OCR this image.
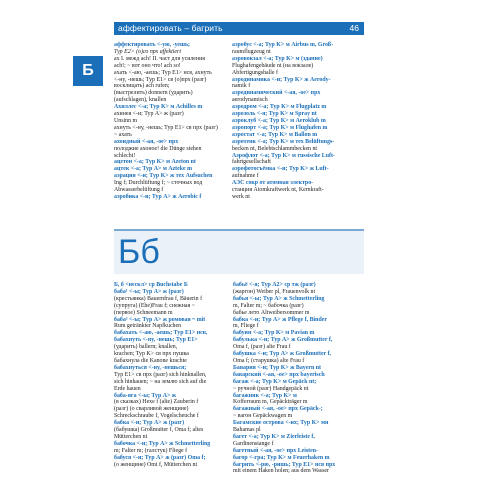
аффектировать – багрить	46
Б

аффектировать <-ую, -уешь;

Тур E2> (о)со прх affektiert

ах I. межд ach! II. част для усиления

ach!; ~ вот оно что! ach so!

ахать <-аю, -аешь; Тур E1> нсв, ахнуть

<-ну, -нешь; Тур E1> св (о)прх (разг)

восклицать) ach rufen;

(выстрелить) donnern (ударить)

(aufschlagen), knallen

Ахиллес <-а; Тур K> м Achilles m

ахинея <-и; Тур A> ж (разг)

Unsinn m

ахнуть <-ну, -нешь; Тур E1> св прх (разг)

~ ахать

ахоидный <-ая, -ое> прх

полоджие ахоное! die Dünge stehen

schlecht!

ацетон <-а; Тур K> м Azeton nt

ацтек <-а; Тур A> м Azteke m

аэрация <-и; Тур K> ж тех Aufsuchen

Ing f; Durchlüftung f; ~ сточных вод

Abwasserbelüftung f

аэробика <-и; Тур A> ж Aerobic f

аэробус <-а; Тур K> м Airbus m, Groß-

raumflugzeug nt

аэровокзал <-а; Тур K> м (здание)

Flughafengebäude nt (на вокзале)

Abfertigungshalle f

аэродинамика <-и; Тур K> ж Aerody-

namik f

аэродинамический <-ая, -ое> прх

aerodynamisch

аэродром <-а; Тур K> м Flugplatz m

аэрозоль <-я; Тур K> м Spray nt

аэроклуб <-а; Тур K> м Aeroklub m

аэропорт <-а; Тур K> м Flughafen m

аэростат <-а; Тур K> м Ballon m

аэротенк <-а; Тур K> м тех Belüftungs-

becken nt, Belebtschlammbecken nt

Аэрофлот <-а; Тур K> м russische Luft-

fahrtgesellschaft

аэрофотосъёмка <-и; Тур K> ж Luft-

aufnahme f

АЭС сокр от атомная электро-

станция Atomkraftwerk nt, Kernkraft-

werk nt

Бб

Б, б <нескл> ср Buchstabe Б

баба¹ <-ы; Тур A> ж (разг)

(крестьянка) Bauernfrau f, Bäuerin f

(супруга) (Ehe)Frau f; снежная ~

(первое) Schneemann m

баба² <-ы; Тур A> ж ромовая ~ mit

Rum getränkter Napfkuchen

бабахать <-аю, -аешь; Тур E1> нсв,

бабахнуть <-ну, -нешь; Тур E1>

(ударить) ballern; knallen,

krachen; Тур K> св прх пушка

бабахнула die Kanone krachte

бабахнуться <-ну, -нешься;

Тур E1> св прх (разг) sich hinknallen,

sich hinhauen; ~ на землю sich auf die

Erde hauen

баба-яга <-ы; Тур A> ж

(в сказках) Hexe f (alte) Zauberin f

(разг) (о сварливой женщине)

Schreckschraube f, Vogelscheuche f

бабка <-и; Тур A> ж (разг)

(бабушка) Großmutter f, Oma f; altes

Mütterchen nt

бабочка <-и; Тур A> ж Schmetterling

m; Falter m; (галстук) Fliege f

бабуся <-и; Тур A> ж (разг) Oma f;

(о женщине) Omi f, Mütterchen nt

бабьё <-я; Тур A2> ср тж (разг)

(жаргон) Weiber pl, Frauenvolk nt

бабья <-ы; Тур A> ж Schmetterling

m, Falter m; ~ бабочка (разг)

бабье лето Altweibersommer m

бабка <-и; Тур A> ж Pflege f, Binder

m, Fliege f

бабуин <-а; Тур K> м Pavian m

бабулька <-и; Тур A> ж Großmutter f,

Oma f, (разг) alte Frau f

бабушка <-и; Тур A> ж Großmutter f,

Oma f; (старушка) alte Frau f

Бавария <-и; Тур K> ж Bayern nt

баварский <-ая, -ое> прх bayerisch

багаж <-а; Тур K> м Gepäck nt;

~ ручной (разг) Handgepäck nt

багажник <-а; Тур K> м

Kofferraum m, Gepäckträger m

багажный <-ая, -ое> прх Gepäck-;

~ вагон Gepäckwagen m

Багамские острова <-их; Тур K> мн

Bahamas pl

багет <-а; Тур K> м Zierleiste f,

Gardinenstange f

багетный <-ая, -ое> прх Leisten-

багор <-гра; Тур K> м Feuerhaken m

багрить <-рю, -ришь; Тур E1> нсв прх

mit einem Haken holen; aus dem Wasser
